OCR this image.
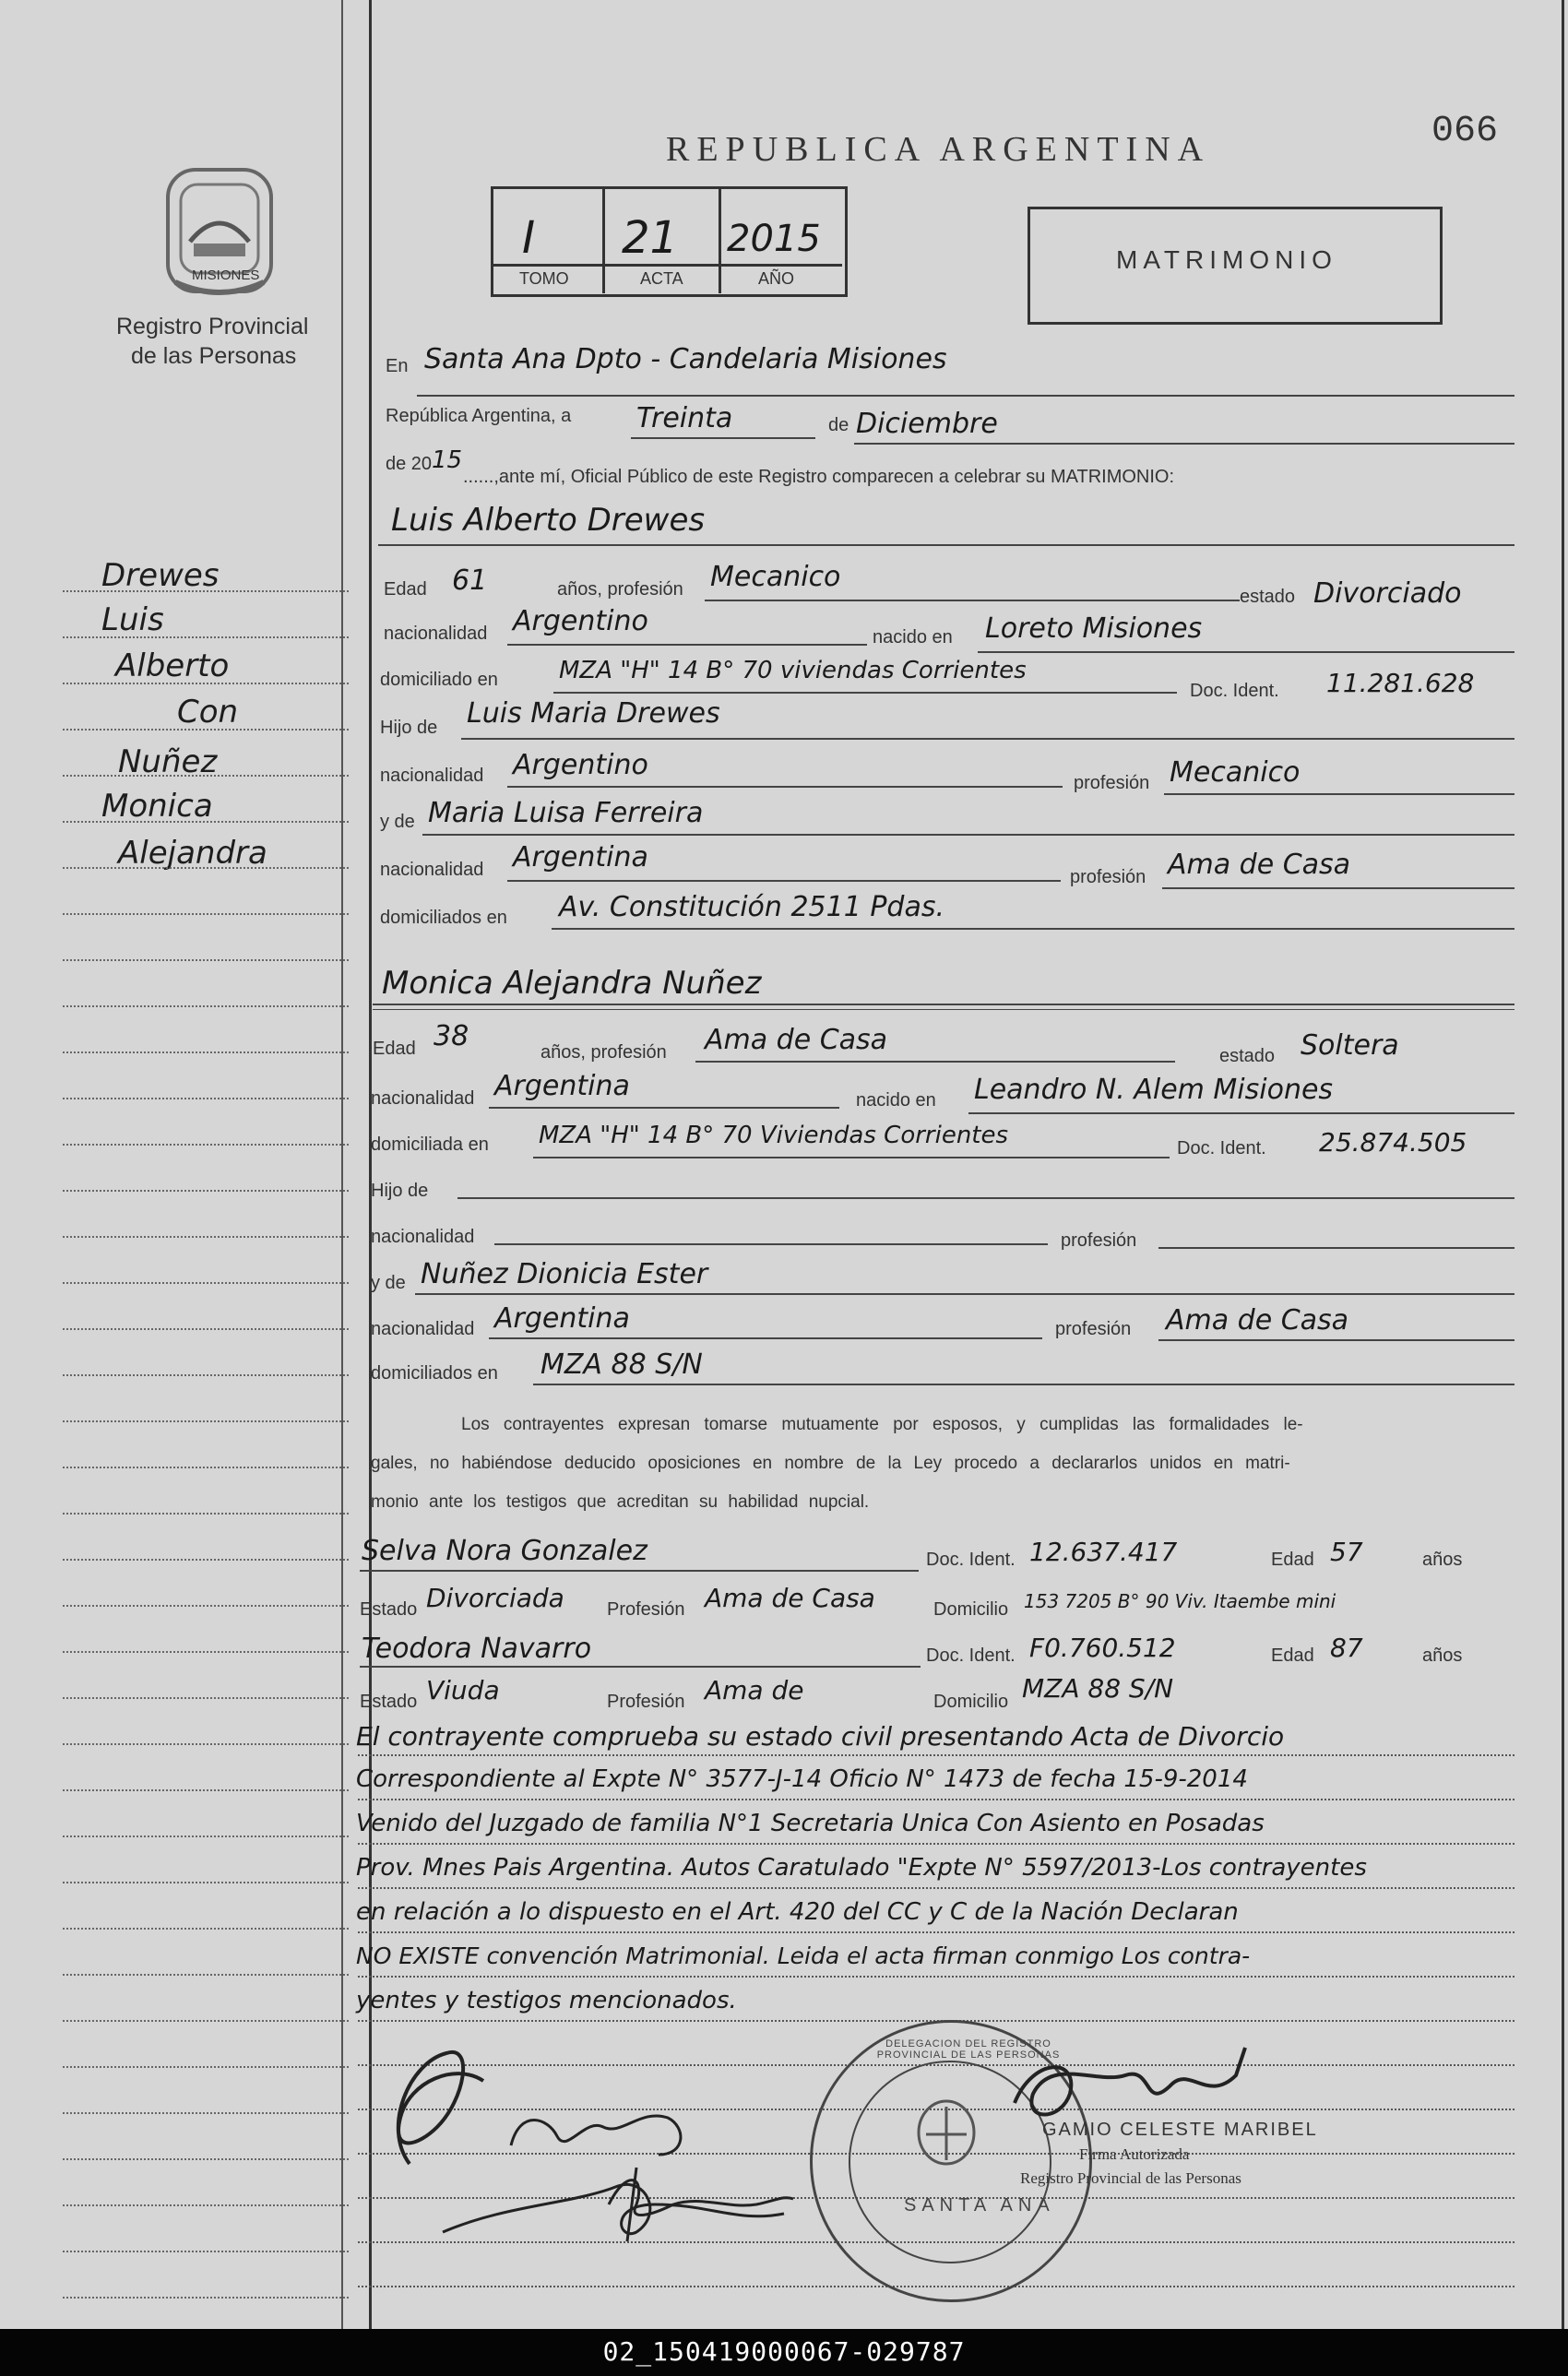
MISIONES
Registro Provincial
de las Personas
Drewes
Luis
Alberto
Con
Nuñez
Monica
Alejandra
REPUBLICA ARGENTINA	066
I 21 2015
TOMO	ACTA	AÑO
MATRIMONIO
En Santa Ana Dpto - Candelaria Misiones
República Argentina, a Treinta	de Diciembre
de 20 15
......,ante mí, Oficial Público de este Registro comparecen a celebrar su MATRIMONIO:
Luis Alberto Drewes
Edad 61	años, profesión Mecanico
estado Divorciado
nacionalidad Argentino	nacido en Loreto Misiones
domiciliado en	MZA "H" 14 B° 70 viviendas Corrientes
Doc. Ident. 11.281.628
Hijo de Luis Maria Drewes
nacionalidad Argentino
profesión Mecanico
y de Maria Luisa Ferreira
nacionalidad Argentina
profesión Ama de Casa
domiciliados en Av. Constitución 2511 Pdas.
Monica Alejandra Nuñez
Edad 38	años, profesión Ama de Casa	estado Soltera
nacionalidad Argentina	nacido en Leandro N. Alem Misiones
domiciliada en MZA "H" 14 B° 70 Viviendas Corrientes	Doc. Ident. 25.874.505
Hijo de
nacionalidad	profesión
y de Nuñez Dionicia Ester
nacionalidad Argentina	profesión Ama de Casa
domiciliados en MZA 88 S/N
Los contrayentes expresan tomarse mutuamente por esposos, y cumplidas las formalidades le-
gales, no habiéndose deducido oposiciones en nombre de la Ley procedo a declararlos unidos en matri-
monio ante los testigos que acreditan su habilidad nupcial.
Selva Nora Gonzalez	Doc. Ident. 12.637.417	Edad 57	años
Estado Divorciada Profesión Ama de Casa	Domicilio 153 7205 B° 90 Viv. Itaembe mini
Teodora Navarro	Doc. Ident. F0.760.512	Edad 87	años
Estado Viuda	Profesión Ama de	Domicilio MZA 88 S/N
El contrayente comprueba su estado civil presentando Acta de Divorcio
Correspondiente al Expte N° 3577-J-14 Oficio N° 1473 de fecha 15-9-2014
Venido del Juzgado de familia N°1 Secretaria Unica Con Asiento en Posadas
Prov. Mnes Pais Argentina. Autos Caratulado "Expte N° 5597/2013-Los contrayentes
en relación a lo dispuesto en el Art. 420 del CC y C de la Nación Declaran
NO EXISTE convención Matrimonial. Leida el acta firman conmigo Los contra-
yentes y testigos mencionados.
DELEGACION DEL REGISTRO PROVINCIAL DE LAS PERSONAS
SANTA ANA
GAMIO CELESTE MARIBEL
Firma Autorizada
Registro Provincial de las Personas
02_150419000067-029787
